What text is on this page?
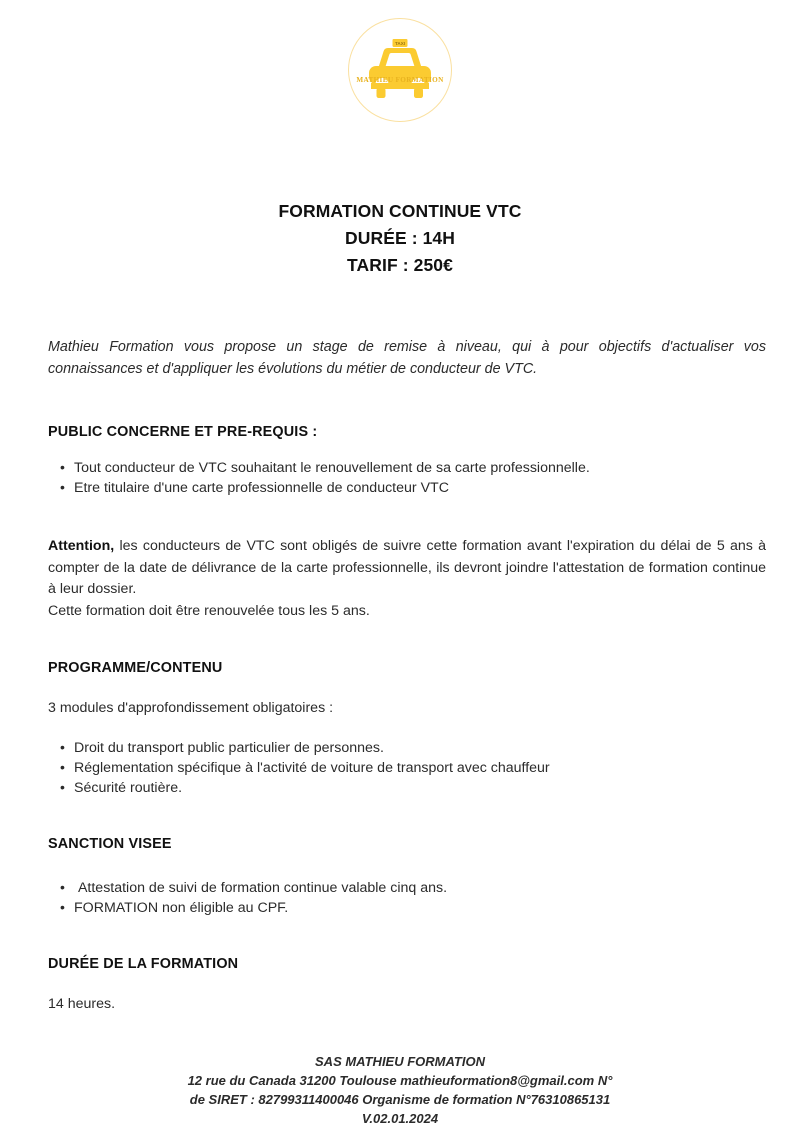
TAXI
MATHIEU FORMATION
FORMATION CONTINUE VTC
DURÉE : 14H
TARIF : 250€

Mathieu Formation vous propose un stage de remise à niveau, qui à pour objectifs d'actualiser vos connaissances et d'appliquer les évolutions du métier de conducteur de VTC.

PUBLIC CONCERNE ET PRE-REQUIS :
• Tout conducteur de VTC souhaitant le renouvellement de sa carte professionnelle.
• Etre titulaire d'une carte professionnelle de conducteur VTC

Attention, les conducteurs de VTC sont obligés de suivre cette formation avant l'expiration du délai de 5 ans à compter de la date de délivrance de la carte professionnelle, ils devront joindre l'attestation de formation continue à leur dossier.

Cette formation doit être renouvelée tous les 5 ans.

PROGRAMME/CONTENU

3 modules d'approfondissement obligatoires :

• Droit du transport public particulier de personnes.
• Réglementation spécifique à l'activité de voiture de transport avec chauffeur
• Sécurité routière.
SANCTION VISEE
•  Attestation de suivi de formation continue valable cinq ans.
• FORMATION non éligible au CPF.
DURÉE DE LA FORMATION

14 heures.

SAS MATHIEU FORMATION
12 rue du Canada 31200 Toulouse mathieuformation8@gmail.com N°
de SIRET : 82799311400046 Organisme de formation N°76310865131
V.02.01.2024
